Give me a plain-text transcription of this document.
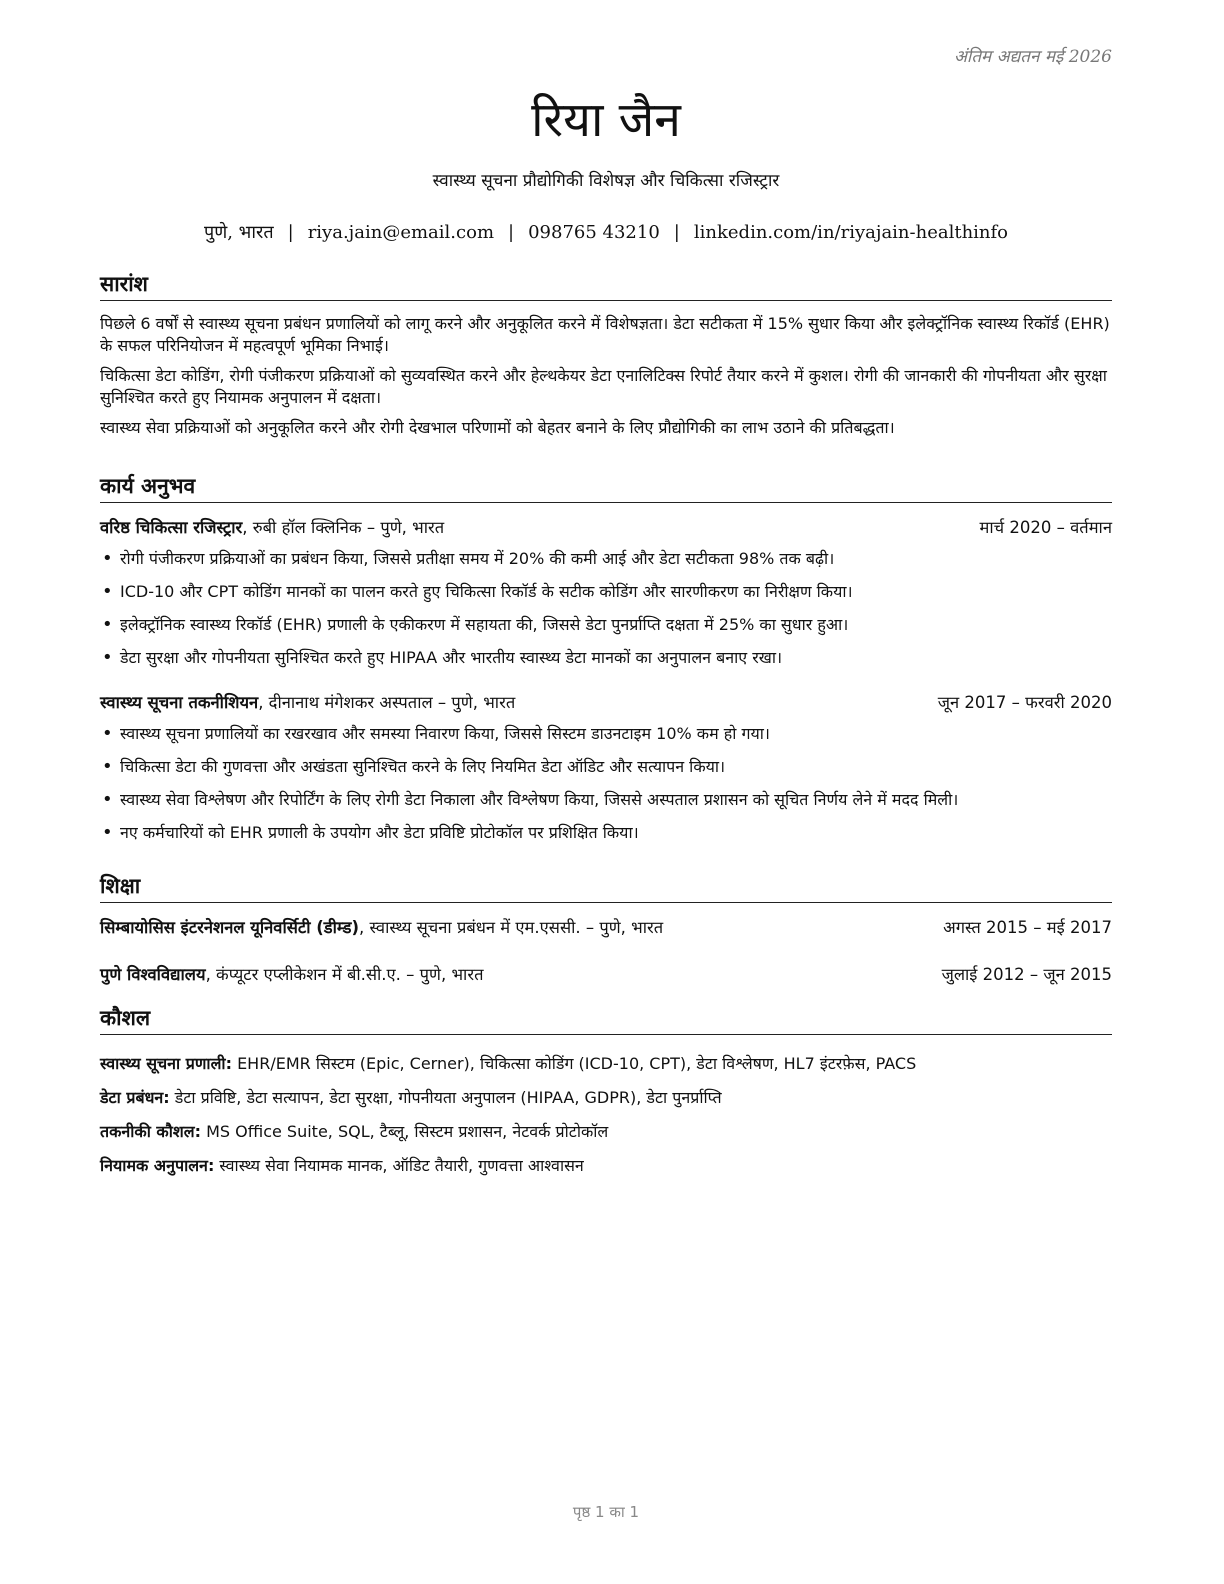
अंतिम अद्यतन मई 2026
रिया जैन
स्वास्थ्य सूचना प्रौद्योगिकी विशेषज्ञ और चिकित्सा रजिस्ट्रार
पुणे, भारत | riya.jain@email.com | 098765 43210 | linkedin.com/in/riyajain-healthinfo
सारांश

पिछले 6 वर्षों से स्वास्थ्य सूचना प्रबंधन प्रणालियों को लागू करने और अनुकूलित करने में विशेषज्ञता। डेटा सटीकता में 15% सुधार किया और इलेक्ट्रॉनिक स्वास्थ्य रिकॉर्ड (EHR) के सफल परिनियोजन में महत्वपूर्ण भूमिका निभाई।

चिकित्सा डेटा कोडिंग, रोगी पंजीकरण प्रक्रियाओं को सुव्यवस्थित करने और हेल्थकेयर डेटा एनालिटिक्स रिपोर्ट तैयार करने में कुशल। रोगी की जानकारी की गोपनीयता और सुरक्षा सुनिश्चित करते हुए नियामक अनुपालन में दक्षता।

स्वास्थ्य सेवा प्रक्रियाओं को अनुकूलित करने और रोगी देखभाल परिणामों को बेहतर बनाने के लिए प्रौद्योगिकी का लाभ उठाने की प्रतिबद्धता।

कार्य अनुभव
वरिष्ठ चिकित्सा रजिस्ट्रार, रुबी हॉल क्लिनिक – पुणे, भारत	मार्च 2020 – वर्तमान
• रोगी पंजीकरण प्रक्रियाओं का प्रबंधन किया, जिससे प्रतीक्षा समय में 20% की कमी आई और डेटा सटीकता 98% तक बढ़ी।
• ICD-10 और CPT कोडिंग मानकों का पालन करते हुए चिकित्सा रिकॉर्ड के सटीक कोडिंग और सारणीकरण का निरीक्षण किया।
• इलेक्ट्रॉनिक स्वास्थ्य रिकॉर्ड (EHR) प्रणाली के एकीकरण में सहायता की, जिससे डेटा पुनर्प्राप्ति दक्षता में 25% का सुधार हुआ।
• डेटा सुरक्षा और गोपनीयता सुनिश्चित करते हुए HIPAA और भारतीय स्वास्थ्य डेटा मानकों का अनुपालन बनाए रखा।
स्वास्थ्य सूचना तकनीशियन, दीनानाथ मंगेशकर अस्पताल – पुणे, भारत	जून 2017 – फरवरी 2020
• स्वास्थ्य सूचना प्रणालियों का रखरखाव और समस्या निवारण किया, जिससे सिस्टम डाउनटाइम 10% कम हो गया।
• चिकित्सा डेटा की गुणवत्ता और अखंडता सुनिश्चित करने के लिए नियमित डेटा ऑडिट और सत्यापन किया।
• स्वास्थ्य सेवा विश्लेषण और रिपोर्टिंग के लिए रोगी डेटा निकाला और विश्लेषण किया, जिससे अस्पताल प्रशासन को सूचित निर्णय लेने में मदद मिली।
• नए कर्मचारियों को EHR प्रणाली के उपयोग और डेटा प्रविष्टि प्रोटोकॉल पर प्रशिक्षित किया।
शिक्षा
सिम्बायोसिस इंटरनेशनल यूनिवर्सिटी (डीम्ड), स्वास्थ्य सूचना प्रबंधन में एम.एससी. – पुणे, भारत	अगस्त 2015 – मई 2017
पुणे विश्वविद्यालय, कंप्यूटर एप्लीकेशन में बी.सी.ए. – पुणे, भारत	जुलाई 2012 – जून 2015
कौशल
स्वास्थ्य सूचना प्रणाली: EHR/EMR सिस्टम (Epic, Cerner), चिकित्सा कोडिंग (ICD-10, CPT), डेटा विश्लेषण, HL7 इंटरफ़ेस, PACS
डेटा प्रबंधन: डेटा प्रविष्टि, डेटा सत्यापन, डेटा सुरक्षा, गोपनीयता अनुपालन (HIPAA, GDPR), डेटा पुनर्प्राप्ति
तकनीकी कौशल: MS Office Suite, SQL, टैब्लू, सिस्टम प्रशासन, नेटवर्क प्रोटोकॉल
नियामक अनुपालन: स्वास्थ्य सेवा नियामक मानक, ऑडिट तैयारी, गुणवत्ता आश्वासन
पृष्ठ 1 का 1
